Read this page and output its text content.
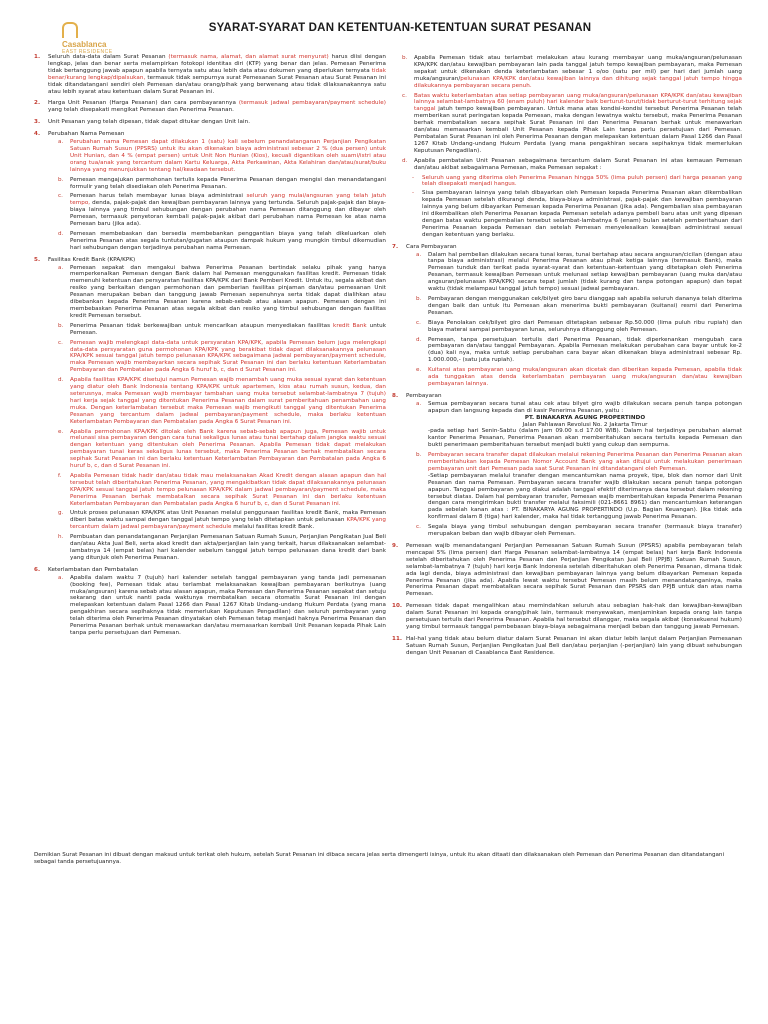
Casablanca
EAST RESIDENCE
SYARAT-SYARAT DAN KETENTUAN-KETENTUAN SURAT PESANAN
1. Seluruh data-data dalam Surat Pesanan (termasuk nama, alamat, dan alamat surat menyurat) harus diisi dengan lengkap, jelas dan benar serta melampirkan fotokopi identitas diri (KTP) yang benar dan jelas. Pemesan Penerima tidak bertanggung jawab apapun apabila ternyata satu atau lebih data atau dokumen yang diperlukan ternyata tidak benar/kurang lengkap/dipalsukan, termasuk tidak sempurnya surat Pemesanan Surat Pesanan atau Surat Pesanan ini tidak ditandatangani sendiri oleh Pemesan dan/atau orang/pihak yang berwenang atau tidak dilaksanakannya satu atau lebih syarat atau ketentuan dalam Surat Pesanan ini.
2. Harga Unit Pesanan (Harga Pesanan) dan cara pembayarannya (termasuk jadwal pembayaran/payment schedule) yang telah disepakati mengikat Pemesan dan Penerima Pesanan.
3. Unit Pesanan yang telah dipesan, tidak dapat ditukar dengan Unit lain.
4. Perubahan Nama Pemesan
a. Perubahan nama Pemesan dapat dilakukan 1 (satu) kali sebelum penandatanganan Perjanjian Pengikatan Satuan Rumah Susun (PPSRS) untuk itu akan dikenakan biaya administrasi sebesar 2 % (dua persen) untuk Unit Hunian, dan 4 % (empat persen) untuk Unit Non Hunian (Kios), kecuali digantikan oleh suami/istri atau orang tua/anak yang tercantum dalam Kartu Keluarga, Akta Perkawinan, Akta Kelahiran dan/atau/surat/buku lainnya yang menunjukkan tentang hal/keadaan tersebut.
b. Pemesan mengajukan permohonan tertulis kepada Penerima Pesanan dengan mengisi dan menandatangani formulir yang telah disediakan oleh Penerima Pesanan.
c. Pemesan harus telah membayar lunas biaya administrasi seluruh yang mulai/angsuran yang telah jatuh tempo, denda, pajak-pajak dan kewajiban pembayaran lainnya yang tertunda. Seluruh pajak-pajak dan biaya-biaya lainnya yang timbul sehubungan dengan perubahan nama Pemesan ditanggung dan dibayar oleh Pemesan, termasuk penyetoran kembali pajak-pajak akibat dari perubahan nama Pemesan ke atas nama Pemesan baru (jika ada).
d. Pemesan membebaskan dan bersedia membebankan penggantian biaya yang telah dikeluarkan oleh Penerima Pesanan atas segala tuntutan/gugatan ataupun dampak hukum yang mungkin timbul dikemudian hari sehubungan dengan terjadinya perubahan nama Pemesan.
5. Fasilitas Kredit Bank (KPA/KPK)
a. Pemesan sepakat dan mengakui bahwa Penerima Pesanan bertindak selaku pihak yang hanya memperkenalkan Pemesan dengan Bank dalam hal Pemesan menggunakan fasilitas kredit. Pemesan tidak memenuhi ketentuan dan persyaratan fasilitas KPA/KPK dari Bank Pemberi Kredit. Untuk itu, segala akibat dan resiko yang berkaitan dengan permohonan dan pemberian fasilitas pinjaman dan/atau pemesanan Unit Pesanan merupakan beban dan tanggung jawab Pemesan sepenuhnya serta tidak dapat dialihkan atau dibebankan kepada Penerima Pesanan karena sebab-sebab atau alasan apapun. Pemesan dengan ini membebaskan Penerima Pesanan atas segala akibat dan resiko yang timbul sehubungan dengan fasilitas kredit Pemesan tersebut.
b. Penerima Pesanan tidak berkewajiban untuk mencarikan ataupun menyediakan fasilitas kredit Bank untuk Pemesan.
c. Pemesan wajib melengkapi data-data untuk persyaratan KPA/KPK, apabila Pemesan belum juga melengkapi data-data persyaratan guna permohonan KPA/KPK yang berakibat tidak dapat dilaksanakannya pelunasan KPA/KPK sesuai tanggal jatuh tempo pelunasan KPA/KPK sebagaimana jadwal pembayaran/payment schedule, maka Pemesan wajib membayarkan secara sepihak Surat Pesanan ini dan berlaku ketentuan Keterlambatan Pembayaran dan Pembatalan pada Angka 6 huruf b, c, dan d Surat Pesanan ini.
d. Apabila fasilitas KPA/KPK disetujui namun Pemesan wajib menambah uang muka sesuai syarat dan ketentuan yang diatur oleh Bank Indonesia tentang KPA/KPK untuk apartemen, kios atau rumah susun, kedua, dan seterusnya, maka Pemesan wajib membayar tambahan uang muka tersebut selambat-lambatnya 7 (tujuh) hari kerja sejak tanggal yang ditentukan Penerima Pesanan dalam surat pemberitahuan penambahan uang muka. Dengan keterlambatan tersebut maka Pemesan wajib mengikuti tanggal yang ditentukan Penerima Pesanan yang tercantum dalam jadwal pembayaran/payment schedule, maka berlaku ketentuan Keterlambatan Pembayaran dan Pembatalan pada Angka 6 Surat Pesanan ini.
e. Apabila permohonan KPA/KPK ditolak oleh Bank karena sebab-sebab apapun juga, Pemesan wajib untuk melunasi sisa pembayaran dengan cara tunai sekaligus lunas atau tunai bertahap dalam jangka waktu sesuai dengan ketentuan yang ditentukan oleh Penerima Pesanan. Apabila Pemesan tidak dapat melakukan pembayaran tunai keras sekaligus lunas tersebut, maka Penerima Pesanan berhak membatalkan secara sepihak Surat Pesanan ini dan berlaku ketentuan Keterlambatan Pembayaran dan Pembatalan pada Angka 6 huruf b, c, dan d Surat Pesanan ini.
f. Apabila Pemesan tidak hadir dan/atau tidak mau melaksanakan Akad Kredit dengan alasan apapun dan hal tersebut telah diberitahukan Penerima Pesanan, yang mengakibatkan tidak dapat dilaksanakannya pelunasan KPA/KPK sesuai tanggal jatuh tempo pelunasan KPA/KPK dalam jadwal pembayaran/payment schedule, maka Penerima Pesanan berhak membatalkan secara sepihak Surat Pesanan ini dan berlaku ketentuan Keterlambatan Pembayaran dan Pembatalan pada Angka 6 huruf b, c, dan d Surat Pesanan ini.
g. Untuk proses pelunasan KPA/KPK atas Unit Pesanan melalui penggunaan fasilitas kredit Bank, maka Pemesan diberi batas waktu sampai dengan tanggal jatuh tempo yang telah ditetapkan untuk pelunasan KPA/KPK yang tercantum dalam jadwal pembayaran/payment schedule melalui fasilitas kredit Bank.
h. Pembuatan dan penandatanganan Perjanjian Pemesanan Satuan Rumah Susun, Perjanjian Pengikatan Jual Beli dan/atau Akta Jual Beli, serta akad kredit dan akta/perjanjian lain yang terkait, harus dilaksanakan selambat-lambatnya 14 (empat belas) hari kalender sebelum tanggal jatuh tempo pelunasan dana kredit dari bank yang ditunjuk oleh Penerima Pesanan.
6. Keterlambatan dan Pembatalan
a. Apabila dalam waktu 7 (tujuh) hari kalender setelah tanggal pembayaran yang tanda jadi pemesanan (booking fee), Pemesan tidak atau terlambat melaksanakan kewajiban pembayaran berikutnya (uang muka/angsuran) karena sebab atau alasan apapun, maka Pemesan dan Penerima Pesanan sepakat dan setuju sekarang dan untuk nanti pada waktunya membatalkan secara otomatis Surat Pesanan ini dengan melepaskan ketentuan dalam Pasal 1266 dan Pasal 1267 Kitab Undang-undang Hukum Perdata (yang mana pengakhiran secara sepihaknya tidak memerlukan Keputusan Pengadilan) dan seluruh pembayaran yang telah diterima oleh Penerima Pesanan dinyatakan oleh Pemesan tetap menjadi haknya Penerima Pesanan dan Penerima Pesanan berhak untuk menawarkan dan/atau memasarkan kembali Unit Pesanan kepada Pihak Lain tanpa perlu persetujuan dari Pemesan.
b. Apabila Pemesan tidak atau terlambat melakukan atau kurang membayar uang muka/angsuran/pelunasan KPA/KPK dan/atau kewajiban pembayaran lain pada tanggal jatuh tempo kewajiban pembayaran, maka Pemesan sepakat untuk dikenakan denda keterlambatan sebesar 1 o/oo (satu per mil) per hari dari jumlah uang muka/angsuran/pelunasan KPA/KPK dan/atau kewajiban lainnya dan dihitung sejak tanggal jatuh tempo hingga dilakukannya pembayaran secara penuh.
c. Batas waktu keterlambatan atas setiap pembayaran uang muka/angsuran/pelunasan KPA/KPK dan/atau kewajiban lainnya selambat-lambatnya 60 (enam puluh) hari kalender baik berturut-turut/tidak berturut-turut terhitung sejak tanggal jatuh tempo kewajiban pembayaran. Untuk mana atas kondisi-kondisi tersebut Penerima Pesanan telah memberikan surat peringatan kepada Pemesan, maka dengan lewatnya waktu tersebut, maka Penerima Pesanan berhak membatalkan secara sepihak Surat Pesanan ini dan Penerima Pesanan berhak untuk menawarkan dan/atau memasarkan kembali Unit Pesanan kepada Pihak Lain tanpa perlu persetujuan dari Pemesan. Pembatalan Surat Pesanan ini oleh Penerima Pesanan dengan melepaskan ketentuan dalam Pasal 1266 dan Pasal 1267 Kitab Undang-undang Hukum Perdata (yang mana pengakhiran secara sepihaknya tidak memerlukan Keputusan Pengadilan).
d. Apabila pembatalan Unit Pesanan sebagaimana tercantum dalam Surat Pesanan ini atas kemauan Pemesan dan/atau akibat sebagaimana Pemesan, maka Pemesan sepakat :
- Seluruh uang yang diterima oleh Penerima Pesanan hingga 50% (lima puluh persen) dari harga pesanan yang telah disepakati menjadi hangus.
- Sisa pembayaran lainnya yang telah dibayarkan oleh Pemesan kepada Penerima Pesanan akan dikembalikan kepada Pemesan setelah dikurangi denda, biaya-biaya administrasi, pajak-pajak dan kewajiban pembayaran lainnya yang belum dibayarkan Pemesan kepada Penerima Pesanan (jika ada). Pengembalian sisa pembayaran ini dikembalikan oleh Penerima Pesanan kepada Pemesan setelah adanya pembeli baru atas unit yang dipesan dengan batas waktu pengembalian tersebut selambat-lambatnya 6 (enam) bulan setelah pemberitahuan dari Penerima Pesanan kepada Pemesan dan setelah Pemesan menyelesaikan kewajiban administrasi sesuai dengan ketentuan yang berlaku.
7. Cara Pembayaran
a. Dalam hal pembelian dilakukan secara tunai keras, tunai bertahap atau secara angsuran/cicilan (dengan atau tanpa biaya administrasi) melalui Penerima Pesanan atau pihak ketiga lainnya (termasuk Bank), maka Pemesan tunduk dan terikat pada syarat-syarat dan ketentuan-ketentuan yang ditetapkan oleh Penerima Pesanan, termasuk kewajiban Pemesan untuk melunasi setiap kewajiban pembayaran (uang muka dan/atau angsuran/pelunasan KPA/KPK) secara tepat jumlah (tidak kurang dan tanpa potongan apapun) dan tepat waktu (tidak melampaui tanggal jatuh tempo) sesuai jadwal pembayaran.
b. Pembayaran dengan menggunakan cek/bilyet giro baru dianggap sah apabila seluruh dananya telah diterima dengan baik dan untuk itu Pemesan akan menerima bukti pembayaran (kuitansi) resmi dari Penerima Pesanan.
c. Biaya Penolakan cek/bilyet giro dari Pemesan ditetapkan sebesar Rp.50.000 (lima puluh ribu rupiah) dan biaya materai sampai pembayaran lunas, seluruhnya ditanggung oleh Pemesan.
d. Pemesan, tanpa persetujuan tertulis dari Penerima Pesanan, tidak diperkenankan mengubah cara pembayaran dan/atau tanggal Pembayaran. Apabila Pemesan melakukan perubahan cara bayar untuk ke-2 (dua) kali nya, maka untuk setiap perubahan cara bayar akan dikenakan biaya administrasi sebesar Rp. 1.000.000,- (satu juta rupiah).
e. Kuitansi atas pembayaran uang muka/angsuran akan dicetak dan diberikan kepada Pemesan, apabila tidak ada tunggakan atas denda keterlambatan pembayaran uang muka/angsuran dan/atau kewajiban pembayaran lainnya.
8. Pembayaran
a. Semua pembayaran secara tunai atau cek atau bilyet giro wajib dilakukan secara penuh tanpa potongan apapun dan langsung kepada dan di kasir Penerima Pesanan, yaitu :
PT. BINAKARYA AGUNG PROPERTINDO
Jalan Pahlawan Revolusi No. 2 Jakarta Timur
-pada setiap hari Senin-Sabtu (dalam jam 09.00 s.d 17.00 WIB). Dalam hal terjadinya perubahan alamat kantor Penerima Pesanan, Penerima Pesanan akan memberitahukan secara tertulis kepada Pemesan dan bukti penerimaan pemberitahuan tersebut menjadi bukti yang cukup dan sempurna.
b. Pembayaran secara transfer dapat dilakukan melalui rekening Penerima Pesanan dan Penerima Pesanan akan memberitahukan kepada Pemesan Nomor Account Bank yang akan ditujui untuk melakukan penerimaan pembayaran unit dari Pemesan pada saat Surat Pesanan ini ditandatangani oleh Pemesan.
-Setiap pembayaran melalui transfer dengan mencantumkan nama proyek, tipe, blok dan nomor dari Unit Pesanan dan nama Pemesan. Pembayaran secara transfer wajib dilakukan secara penuh tanpa potongan apapun. Tanggal pembayaran yang diakui adalah tanggal efektif diterimanya dana tersebut dalam rekening tersebut diatas. Dalam hal pembayaran transfer, Pemesan wajib memberitahukan kepada Penerima Pesanan dengan cara mengirimkan bukti transfer melalui faksimili (021-8661 8961) dan mencantumkan keterangan pada sebelah kanan atas : PT. BINAKARYA AGUNG PROPERTINDO (U.p. Bagian Keuangan). Jika tidak ada konfirmasi dalam 8 (tiga) hari kalender, maka hal tidak tertanggung jawab Penerima Pesanan.
c. Segala biaya yang timbul sehubungan dengan pembayaran secara transfer (termasuk biaya transfer) merupakan beban dan wajib dibayar oleh Pemesan.
9. Pemesan wajib menandatangani Perjanjian Pemesanan Satuan Rumah Susun (PPSRS) apabila pembayaran telah mencapai 5% (lima persen) dari Harga Pesanan selambat-lambatnya 14 (empat belas) hari kerja Bank Indonesia setelah diberitahukan oleh Penerima Pesanan dan Perjanjian Pengikatan Jual Beli (PPJB) Satuan Rumah Susun, selambat-lambatnya 7 (tujuh) hari kerja Bank Indonesia setelah diberitahukan oleh Penerima Pesanan, dimana tidak ada lagi denda, biaya administrasi dan kewajiban pembayaran lainnya yang belum dibayarkan Pemesan kepada Penerima Pesanan (jika ada). Apabila lewat waktu tersebut Pemesan masih belum menandatanganinya, maka Penerima Pesanan dapat membatalkan secara sepihak Surat Pesanan dan PPSRS dan PPJB untuk dan atas nama Pemesan.
10. Pemesan tidak dapat mengalihkan atau memindahkan seluruh atau sebagian hak-hak dan kewajiban-kewajiban dalam Surat Pesanan ini kepada orang/pihak lain, termasuk menyewakan, menjaminkan kepada orang lain tanpa persetujuan tertulis dari Penerima Pesanan. Apabila hal tersebut dilanggar, maka segala akibat (konsekuensi hukum) yang timbul termasuk tanggal pembebasan biaya-biaya sebagaimana menjadi beban dan tanggung jawab Pemesan.
11. Hal-hal yang tidak atau belum diatur dalam Surat Pesanan ini akan diatur lebih lanjut dalam Perjanjian Pemesanan Satuan Rumah Susun, Perjanjian Pengikatan Jual Beli dan/atau perjanjian (-perjanjian) lain yang dibuat sehubungan dengan Unit Pesanan di Casablanca East Residence.
Demikian Surat Pesanan ini dibuat dengan maksud untuk terikat oleh hukum, setelah Surat Pesanan ini dibaca secara jelas serta dimengerti isinya, untuk itu akan ditaati dan dilaksanakan oleh Pemesan dan Penerima Pesanan dan ditandatangani sebagai tanda persetujuannya.
